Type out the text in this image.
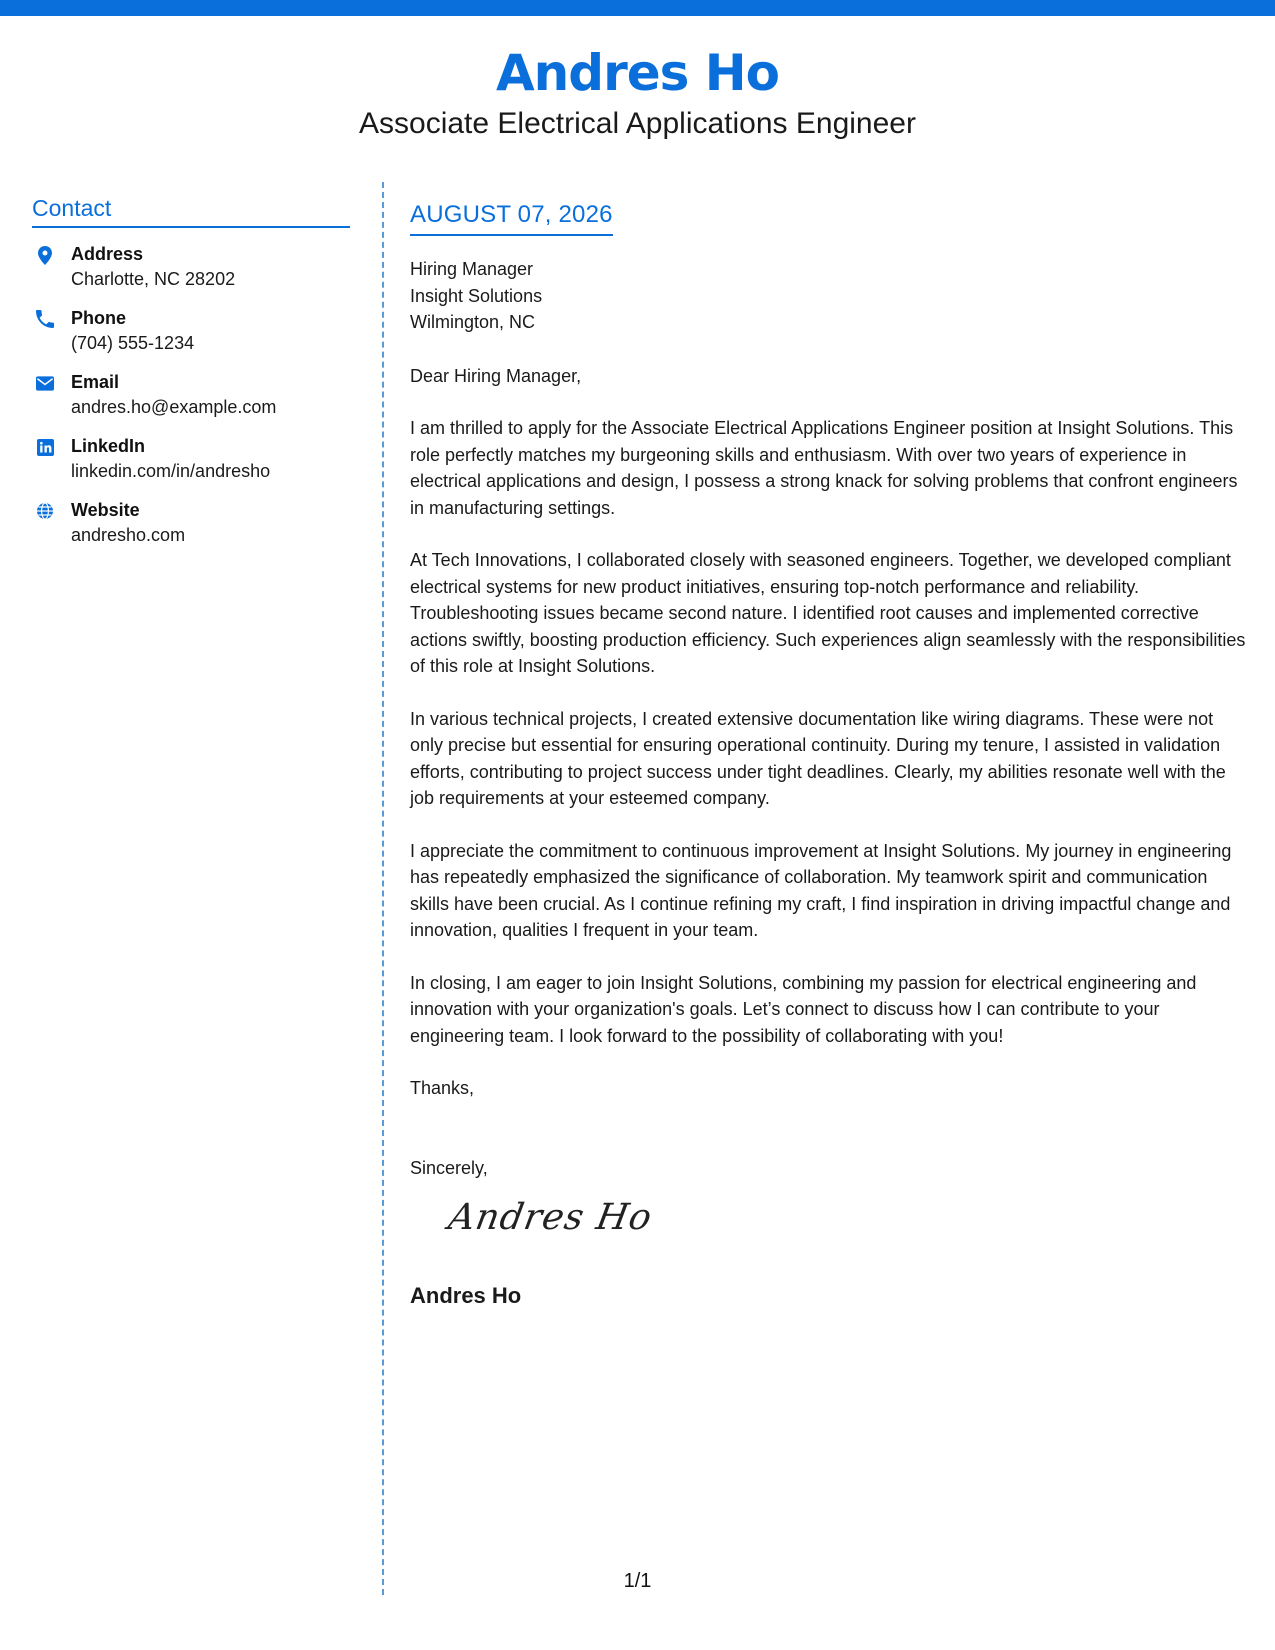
Andres Ho
Associate Electrical Applications Engineer
Contact
Address
Charlotte, NC 28202
Phone
(704) 555-1234
Email
andres.ho@example.com
LinkedIn
linkedin.com/in/andresho
Website
andresho.com
AUGUST 07, 2026
Hiring Manager
Insight Solutions
Wilmington, NC
Dear Hiring Manager,
I am thrilled to apply for the Associate Electrical Applications Engineer position at Insight Solutions. This role perfectly matches my burgeoning skills and enthusiasm. With over two years of experience in electrical applications and design, I possess a strong knack for solving problems that confront engineers in manufacturing settings.
At Tech Innovations, I collaborated closely with seasoned engineers. Together, we developed compliant electrical systems for new product initiatives, ensuring top-notch performance and reliability. Troubleshooting issues became second nature. I identified root causes and implemented corrective actions swiftly, boosting production efficiency. Such experiences align seamlessly with the responsibilities of this role at Insight Solutions.
In various technical projects, I created extensive documentation like wiring diagrams. These were not only precise but essential for ensuring operational continuity. During my tenure, I assisted in validation efforts, contributing to project success under tight deadlines. Clearly, my abilities resonate well with the job requirements at your esteemed company.
I appreciate the commitment to continuous improvement at Insight Solutions. My journey in engineering has repeatedly emphasized the significance of collaboration. My teamwork spirit and communication skills have been crucial. As I continue refining my craft, I find inspiration in driving impactful change and innovation, qualities I frequent in your team.
In closing, I am eager to join Insight Solutions, combining my passion for electrical engineering and innovation with your organization's goals. Let’s connect to discuss how I can contribute to your engineering team. I look forward to the possibility of collaborating with you!
Thanks,
Sincerely,
Andres Ho
Andres Ho
1/1
